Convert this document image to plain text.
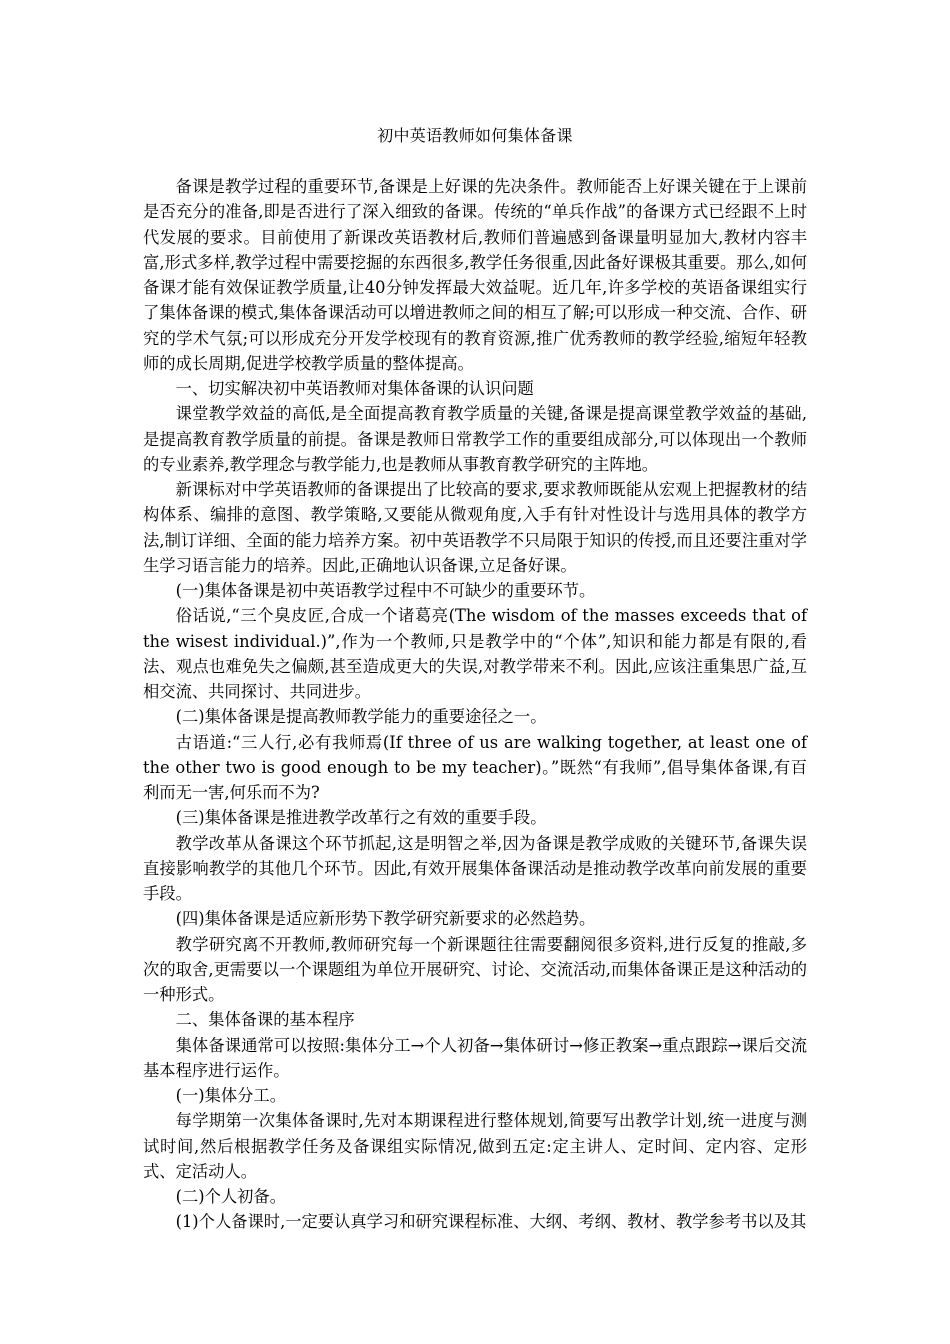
初中英语教师如何集体备课

备课是教学过程的重要环节,备课是上好课的先决条件。教师能否上好课关键在于上课前是否充分的准备,即是否进行了深入细致的备课。传统的“单兵作战”的备课方式已经跟不上时代发展的要求。目前使用了新课改英语教材后,教师们普遍感到备课量明显加大,教材内容丰富,形式多样,教学过程中需要挖掘的东西很多,教学任务很重,因此备好课极其重要。那么,如何备课才能有效保证教学质量,让40分钟发挥最大效益呢。近几年,许多学校的英语备课组实行了集体备课的模式,集体备课活动可以增进教师之间的相互了解;可以形成一种交流、合作、研究的学术气氛;可以形成充分开发学校现有的教育资源,推广优秀教师的教学经验,缩短年轻教师的成长周期,促进学校教学质量的整体提高。

一、切实解决初中英语教师对集体备课的认识问题

课堂教学效益的高低,是全面提高教育教学质量的关键,备课是提高课堂教学效益的基础,是提高教育教学质量的前提。备课是教师日常教学工作的重要组成部分,可以体现出一个教师的专业素养,教学理念与教学能力,也是教师从事教育教学研究的主阵地。

新课标对中学英语教师的备课提出了比较高的要求,要求教师既能从宏观上把握教材的结构体系、编排的意图、教学策略,又要能从微观角度,入手有针对性设计与选用具体的教学方法,制订详细、全面的能力培养方案。初中英语教学不只局限于知识的传授,而且还要注重对学生学习语言能力的培养。因此,正确地认识备课,立足备好课。

(一)集体备课是初中英语教学过程中不可缺少的重要环节。

俗话说,“三个臭皮匠,合成一个诸葛亮(The wisdom of the masses exceeds that of the wisest individual.)”,作为一个教师,只是教学中的“个体”,知识和能力都是有限的,看法、观点也难免失之偏颇,甚至造成更大的失误,对教学带来不利。因此,应该注重集思广益,互相交流、共同探讨、共同进步。

(二)集体备课是提高教师教学能力的重要途径之一。

古语道:“三人行,必有我师焉(If three of us are walking together, at least one of the other two is good enough to be my teacher)。”既然“有我师”,倡导集体备课,有百利而无一害,何乐而不为?

(三)集体备课是推进教学改革行之有效的重要手段。

教学改革从备课这个环节抓起,这是明智之举,因为备课是教学成败的关键环节,备课失误直接影响教学的其他几个环节。因此,有效开展集体备课活动是推动教学改革向前发展的重要手段。

(四)集体备课是适应新形势下教学研究新要求的必然趋势。

教学研究离不开教师,教师研究每一个新课题往往需要翻阅很多资料,进行反复的推敲,多次的取舍,更需要以一个课题组为单位开展研究、讨论、交流活动,而集体备课正是这种活动的一种形式。

二、集体备课的基本程序

集体备课通常可以按照:集体分工→个人初备→集体研讨→修正教案→重点跟踪→课后交流基本程序进行运作。

(一)集体分工。

每学期第一次集体备课时,先对本期课程进行整体规划,简要写出教学计划,统一进度与测试时间,然后根据教学任务及备课组实际情况,做到五定:定主讲人、定时间、定内容、定形式、定活动人。

(二)个人初备。

(1)个人备课时,一定要认真学习和研究课程标准、大纲、考纲、教材、教学参考书以及其
